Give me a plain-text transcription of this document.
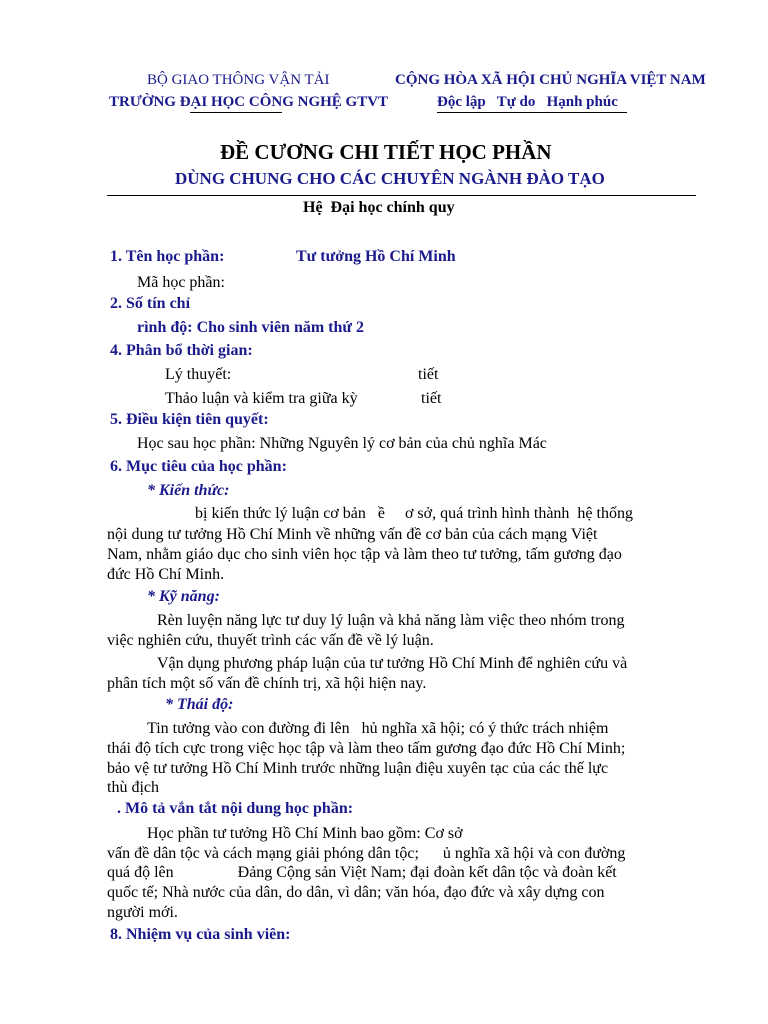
BỘ GIAO THÔNG VẬN TẢI
TRƯỜNG ĐẠI HỌC CÔNG NGHỆ GTVT
CỘNG HÒA XÃ HỘI CHỦ NGHĨA VIỆT NAM
Độc lập   Tự do   Hạnh phúc
ĐỀ CƯƠNG CHI TIẾT HỌC PHẦN
DÙNG CHUNG CHO CÁC CHUYÊN NGÀNH ĐÀO TẠO
Hệ  Đại học chính quy
1. Tên học phần:	Tư tưởng Hồ Chí Minh
Mã học phần:
2. Số tín chỉ
rình độ: Cho sinh viên năm thứ 2
4. Phân bổ thời gian:
Lý thuyết:	tiết
Thảo luận và kiểm tra giữa kỳ	tiết
5. Điều kiện tiên quyết:
Học sau học phần: Những Nguyên lý cơ bản của chủ nghĩa Mác
6. Mục tiêu của học phần:
* Kiến thức:
bị kiến thức lý luận cơ bản   ề     ơ sở, quá trình hình thành  hệ thống
nội dung tư tưởng Hồ Chí Minh về những vấn đề cơ bản của cách mạng Việt
Nam, nhằm giáo dục cho sinh viên học tập và làm theo tư tưởng, tấm gương đạo
đức Hồ Chí Minh.
* Kỹ năng:
Rèn luyện năng lực tư duy lý luận và khả năng làm việc theo nhóm trong
việc nghiên cứu, thuyết trình các vấn đề về lý luận.
Vận dụng phương pháp luận của tư tưởng Hồ Chí Minh để nghiên cứu và
phân tích một số vấn đề chính trị, xã hội hiện nay.
* Thái độ:
Tin tưởng vào con đường đi lên   hủ nghĩa xã hội; có ý thức trách nhiệm
thái độ tích cực trong việc học tập và làm theo tấm gương đạo đức Hồ Chí Minh;
bảo vệ tư tưởng Hồ Chí Minh trước những luận điệu xuyên tạc của các thế lực
thù địch
. Mô tả vắn tắt nội dung học phần:
Học phần tư tưởng Hồ Chí Minh bao gồm: Cơ sở
vấn đề dân tộc và cách mạng giải phóng dân tộc;      ủ nghĩa xã hội và con đường
quá độ lên                Đảng Cộng sản Việt Nam; đại đoàn kết dân tộc và đoàn kết
quốc tế; Nhà nước của dân, do dân, vì dân; văn hóa, đạo đức và xây dựng con
người mới.
8. Nhiệm vụ của sinh viên:
